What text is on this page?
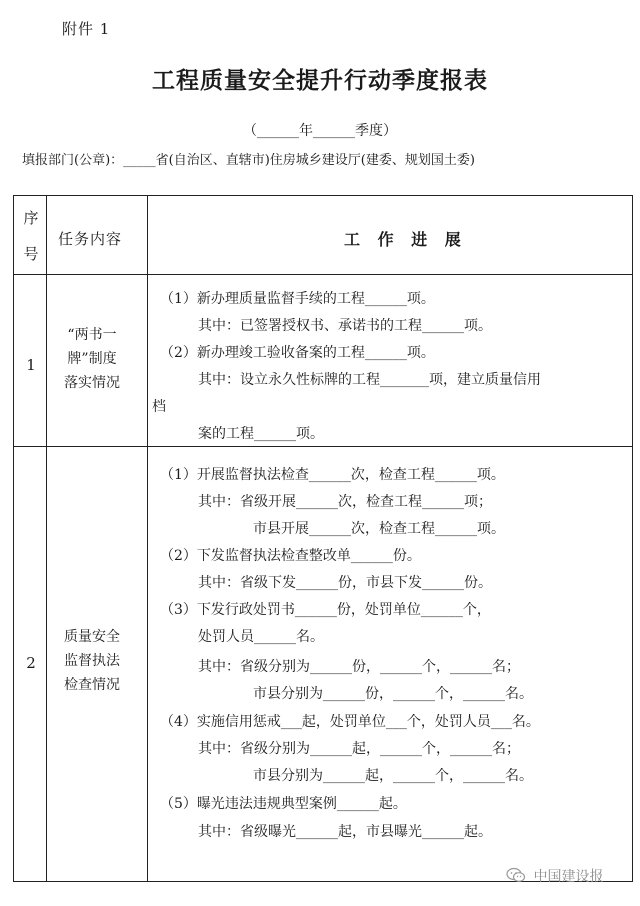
附件 1
工程质量安全提升行动季度报表
（______年______季度）
填报部门(公章)：_____省(自治区、直辖市)住房城乡建设厅(建委、规划国土委)
序
号
任务内容	工 作 进 展
1
“两书一
牌”制度
落实情况
（1）新办理质量监督手续的工程______项。
其中：已签署授权书、承诺书的工程______项。
（2）新办理竣工验收备案的工程______项。
其中：设立永久性标牌的工程_______项，建立质量信用
档
案的工程______项。
2
质量安全
监督执法
检查情况
（1）开展监督执法检查______次，检查工程______项。
其中：省级开展______次，检查工程______项；
市县开展______次，检查工程______项。
（2）下发监督执法检查整改单______份。
其中：省级下发______份，市县下发______份。
（3）下发行政处罚书______份，处罚单位______个，
处罚人员______名。
其中：省级分别为______份，______个，______名；
市县分别为______份，______个，______名。
（4）实施信用惩戒___起，处罚单位___个，处罚人员___名。
其中：省级分别为______起，______个，______名；
市县分别为______起，______个，______名。
（5）曝光违法违规典型案例______起。
其中：省级曝光______起，市县曝光______起。
中国建设报
